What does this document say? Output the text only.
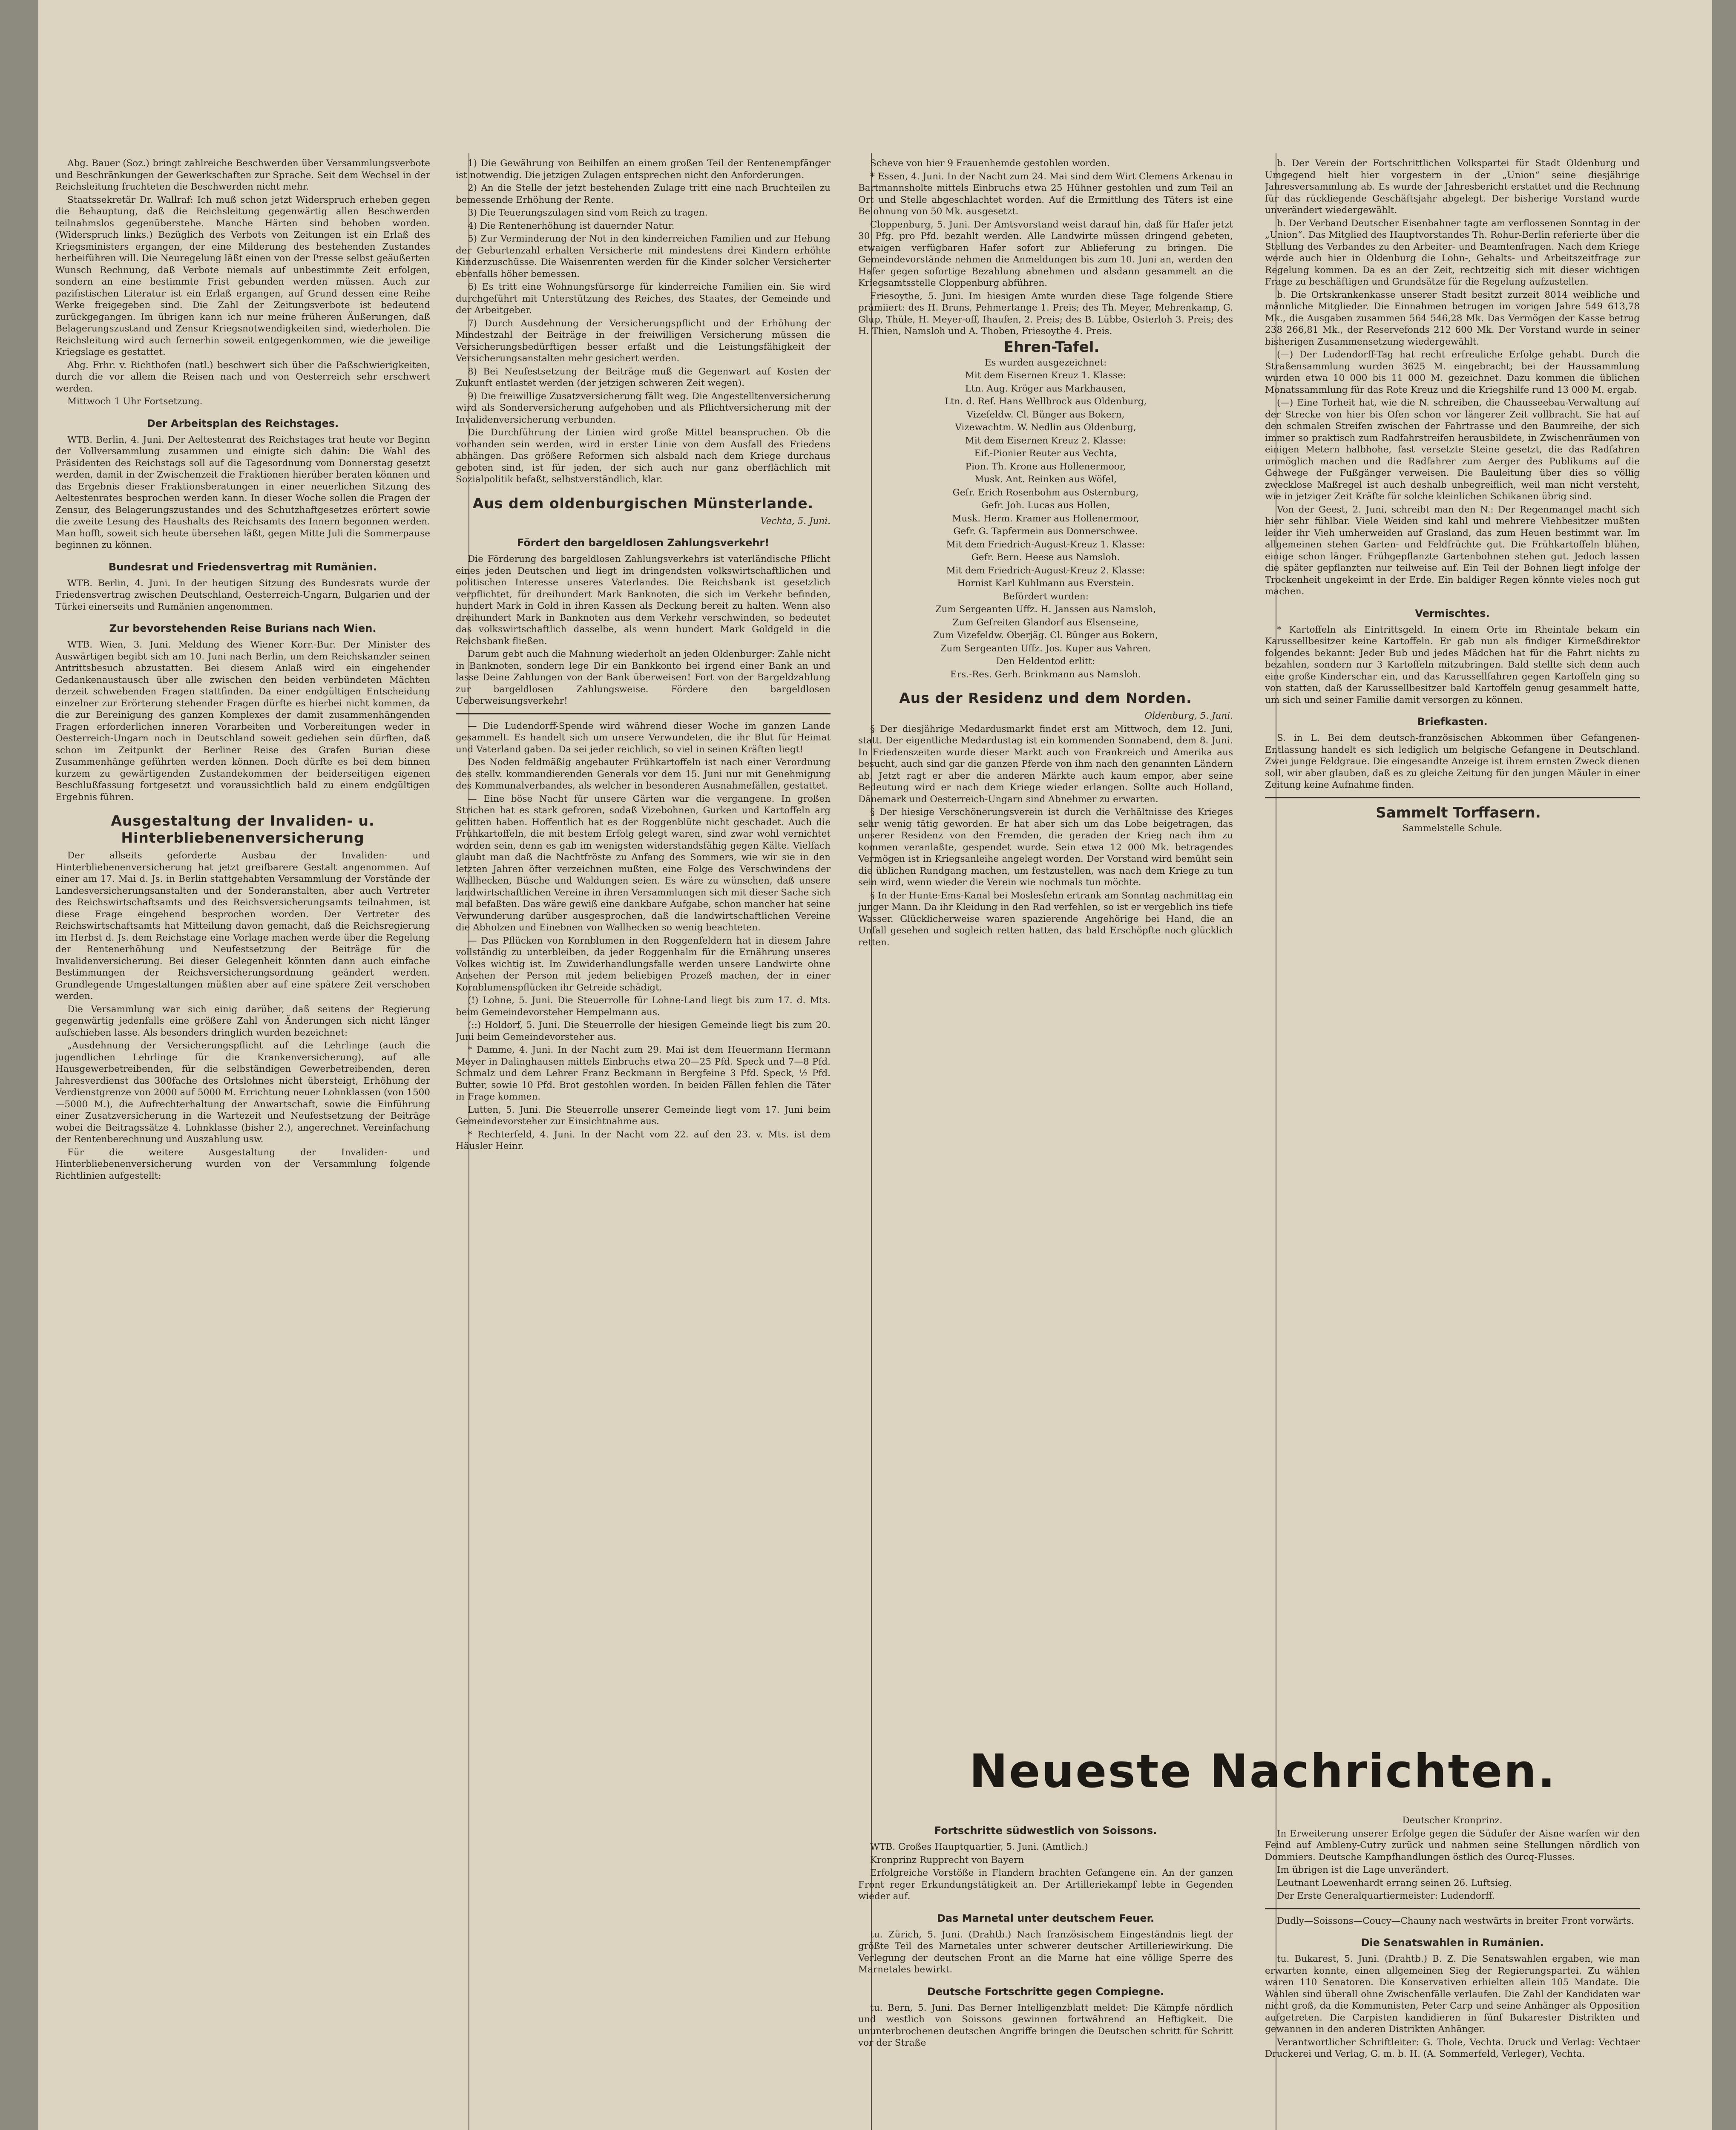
Abg. Bauer (Soz.) bringt zahlreiche Beschwerden über Versammlungsverbote und Beschränkungen der Gewerkschaften zur Sprache. Seit dem Wechsel in der Reichsleitung fruchteten die Beschwerden nicht mehr.

Staatssekretär Dr. Wallraf: Ich muß schon jetzt Widerspruch erheben gegen die Behauptung, daß die Reichsleitung gegenwärtig allen Beschwerden teilnahmslos gegenüberstehe. Manche Härten sind behoben worden. (Widerspruch links.) Bezüglich des Verbots von Zeitungen ist ein Erlaß des Kriegsministers ergangen, der eine Milderung des bestehenden Zustandes herbeiführen will. Die Neuregelung läßt einen von der Presse selbst geäußerten Wunsch Rechnung, daß Verbote niemals auf unbestimmte Zeit erfolgen, sondern an eine bestimmte Frist gebunden werden müssen. Auch zur pazifistischen Literatur ist ein Erlaß ergangen, auf Grund dessen eine Reihe Werke freigegeben sind. Die Zahl der Zeitungsverbote ist bedeutend zurückgegangen. Im übrigen kann ich nur meine früheren Äußerungen, daß Belagerungszustand und Zensur Kriegsnotwendigkeiten sind, wiederholen. Die Reichsleitung wird auch fernerhin soweit entgegenkommen, wie die jeweilige Kriegslage es gestattet.

Abg. Frhr. v. Richthofen (natl.) beschwert sich über die Paßschwierigkeiten, durch die vor allem die Reisen nach und von Oesterreich sehr erschwert werden.

Mittwoch 1 Uhr Fortsetzung.

Der Arbeitsplan des Reichstages.

WTB. Berlin, 4. Juni. Der Aeltestenrat des Reichstages trat heute vor Beginn der Vollversammlung zusammen und einigte sich dahin: Die Wahl des Präsidenten des Reichstags soll auf die Tagesordnung vom Donnerstag gesetzt werden, damit in der Zwischenzeit die Fraktionen hierüber beraten können und das Ergebnis dieser Fraktionsberatungen in einer neuerlichen Sitzung des Aeltestenrates besprochen werden kann. In dieser Woche sollen die Fragen der Zensur, des Belagerungszustandes und des Schutzhaftgesetzes erörtert sowie die zweite Lesung des Haushalts des Reichsamts des Innern begonnen werden. Man hofft, soweit sich heute übersehen läßt, gegen Mitte Juli die Sommerpause beginnen zu können.

Bundesrat und Friedensvertrag mit Rumänien.

WTB. Berlin, 4. Juni. In der heutigen Sitzung des Bundesrats wurde der Friedensvertrag zwischen Deutschland, Oesterreich-Ungarn, Bulgarien und der Türkei einerseits und Rumänien angenommen.

Zur bevorstehenden Reise Burians nach Wien.

WTB. Wien, 3. Juni. Meldung des Wiener Korr.-Bur. Der Minister des Auswärtigen begibt sich am 10. Juni nach Berlin, um dem Reichskanzler seinen Antrittsbesuch abzustatten. Bei diesem Anlaß wird ein eingehender Gedankenaustausch über alle zwischen den beiden verbündeten Mächten derzeit schwebenden Fragen stattfinden. Da einer endgültigen Entscheidung einzelner zur Erörterung stehender Fragen dürfte es hierbei nicht kommen, da die zur Bereinigung des ganzen Komplexes der damit zusammenhängenden Fragen erforderlichen inneren Vorarbeiten und Vorbereitungen weder in Oesterreich-Ungarn noch in Deutschland soweit gediehen sein dürften, daß schon im Zeitpunkt der Berliner Reise des Grafen Burian diese Zusammenhänge geführten werden können. Doch dürfte es bei dem binnen kurzem zu gewärtigenden Zustandekommen der beiderseitigen eigenen Beschlußfassung fortgesetzt und voraussichtlich bald zu einem endgültigen Ergebnis führen.

Ausgestaltung der Invaliden- u. Hinterbliebenenversicherung

Der allseits geforderte Ausbau der Invaliden- und Hinterbliebenenversicherung hat jetzt greifbarere Gestalt angenommen. Auf einer am 17. Mai d. Js. in Berlin stattgehabten Versammlung der Vorstände der Landesversicherungsanstalten und der Sonderanstalten, aber auch Vertreter des Reichswirtschaftsamts und des Reichsversicherungsamts teilnahmen, ist diese Frage eingehend besprochen worden. Der Vertreter des Reichswirtschaftsamts hat Mitteilung davon gemacht, daß die Reichsregierung im Herbst d. Js. dem Reichstage eine Vorlage machen werde über die Regelung der Rentenerhöhung und Neufestsetzung der Beiträge für die Invalidenversicherung. Bei dieser Gelegenheit könnten dann auch einfache Bestimmungen der Reichsversicherungsordnung geändert werden. Grundlegende Umgestaltungen müßten aber auf eine spätere Zeit verschoben werden.

Die Versammlung war sich einig darüber, daß seitens der Regierung gegenwärtig jedenfalls eine größere Zahl von Änderungen sich nicht länger aufschieben lasse. Als besonders dringlich wurden bezeichnet:

„Ausdehnung der Versicherungspflicht auf die Lehrlinge (auch die jugendlichen Lehrlinge für die Krankenversicherung), auf alle Hausgewerbetreibenden, für die selbständigen Gewerbetreibenden, deren Jahresverdienst das 300fache des Ortslohnes nicht übersteigt, Erhöhung der Verdienstgrenze von 2000 auf 5000 M. Errichtung neuer Lohnklassen (von 1500—5000 M.), die Aufrechterhaltung der Anwartschaft, sowie die Einführung einer Zusatzversicherung in die Wartezeit und Neufestsetzung der Beiträge wobei die Beitragssätze 4. Lohnklasse (bisher 2.), angerechnet. Vereinfachung der Rentenberechnung und Auszahlung usw.

Für die weitere Ausgestaltung der Invaliden- und Hinterbliebenenversicherung wurden von der Versammlung folgende Richtlinien aufgestellt:

1) Die Gewährung von Beihilfen an einem großen Teil der Rentenempfänger ist notwendig. Die jetzigen Zulagen entsprechen nicht den Anforderungen.

2) An die Stelle der jetzt bestehenden Zulage tritt eine nach Bruchteilen zu bemessende Erhöhung der Rente.

3) Die Teuerungszulagen sind vom Reich zu tragen.

4) Die Rentenerhöhung ist dauernder Natur.

5) Zur Verminderung der Not in den kinderreichen Familien und zur Hebung der Geburtenzahl erhalten Versicherte mit mindestens drei Kindern erhöhte Kinderzuschüsse. Die Waisenrenten werden für die Kinder solcher Versicherter ebenfalls höher bemessen.

6) Es tritt eine Wohnungsfürsorge für kinderreiche Familien ein. Sie wird durchgeführt mit Unterstützung des Reiches, des Staates, der Gemeinde und der Arbeitgeber.

7) Durch Ausdehnung der Versicherungspflicht und der Erhöhung der Mindestzahl der Beiträge in der freiwilligen Versicherung müssen die Versicherungsbedürftigen besser erfaßt und die Leistungsfähigkeit der Versicherungsanstalten mehr gesichert werden.

8) Bei Neufestsetzung der Beiträge muß die Gegenwart auf Kosten der Zukunft entlastet werden (der jetzigen schweren Zeit wegen).

9) Die freiwillige Zusatzversicherung fällt weg. Die Angestelltenversicherung wird als Sonderversicherung aufgehoben und als Pflichtversicherung mit der Invalidenversicherung verbunden.

Die Durchführung der Linien wird große Mittel beanspruchen. Ob die vorhanden sein werden, wird in erster Linie von dem Ausfall des Friedens abhängen. Das größere Reformen sich alsbald nach dem Kriege durchaus geboten sind, ist für jeden, der sich auch nur ganz oberflächlich mit Sozialpolitik befaßt, selbstverständlich, klar.

Aus dem oldenburgischen Münsterlande.

Vechta, 5. Juni.

Fördert den bargeldlosen Zahlungsverkehr!

Die Förderung des bargeldlosen Zahlungsverkehrs ist vaterländische Pflicht eines jeden Deutschen und liegt im dringendsten volkswirtschaftlichen und politischen Interesse unseres Vaterlandes. Die Reichsbank ist gesetzlich verpflichtet, für dreihundert Mark Banknoten, die sich im Verkehr befinden, hundert Mark in Gold in ihren Kassen als Deckung bereit zu halten. Wenn also dreihundert Mark in Banknoten aus dem Verkehr verschwinden, so bedeutet das volkswirtschaftlich dasselbe, als wenn hundert Mark Goldgeld in die Reichsbank fließen.

Darum gebt auch die Mahnung wiederholt an jeden Oldenburger: Zahle nicht in Banknoten, sondern lege Dir ein Bankkonto bei irgend einer Bank an und lasse Deine Zahlungen von der Bank überweisen! Fort von der Bargeldzahlung zur bargeldlosen Zahlungsweise. Fördere den bargeldlosen Ueberweisungsverkehr!

— Die Ludendorff-Spende wird während dieser Woche im ganzen Lande gesammelt. Es handelt sich um unsere Verwundeten, die ihr Blut für Heimat und Vaterland gaben. Da sei jeder reichlich, so viel in seinen Kräften liegt!

Des Noden feldmäßig angebauter Frühkartoffeln ist nach einer Verordnung des stellv. kommandierenden Generals vor dem 15. Juni nur mit Genehmigung des Kommunalverbandes, als welcher in besonderen Ausnahmefällen, gestattet.

— Eine böse Nacht für unsere Gärten war die vergangene. In großen Strichen hat es stark gefroren, sodaß Vizebohnen, Gurken und Kartoffeln arg gelitten haben. Hoffentlich hat es der Roggenblüte nicht geschadet. Auch die Frühkartoffeln, die mit bestem Erfolg gelegt waren, sind zwar wohl vernichtet worden sein, denn es gab im wenigsten widerstandsfähig gegen Kälte. Vielfach glaubt man daß die Nachtfröste zu Anfang des Sommers, wie wir sie in den letzten Jahren öfter verzeichnen mußten, eine Folge des Verschwindens der Wallhecken, Büsche und Waldungen seien. Es wäre zu wünschen, daß unsere landwirtschaftlichen Vereine in ihren Versammlungen sich mit dieser Sache sich mal befaßten. Das wäre gewiß eine dankbare Aufgabe, schon mancher hat seine Verwunderung darüber ausgesprochen, daß die landwirtschaftlichen Vereine die Abholzen und Einebnen von Wallhecken so wenig beachteten.

— Das Pflücken von Kornblumen in den Roggenfeldern hat in diesem Jahre vollständig zu unterbleiben, da jeder Roggenhalm für die Ernährung unseres Volkes wichtig ist. Im Zuwiderhandlungsfalle werden unsere Landwirte ohne Ansehen der Person mit jedem beliebigen Prozeß machen, der in einer Kornblumenspflücken ihr Getreide schädigt.

(!) Lohne, 5. Juni. Die Steuerrolle für Lohne-Land liegt bis zum 17. d. Mts. beim Gemeindevorsteher Hempelmann aus.

(::) Holdorf, 5. Juni. Die Steuerrolle der hiesigen Gemeinde liegt bis zum 20. Juni beim Gemeindevorsteher aus.

* Damme, 4. Juni. In der Nacht zum 29. Mai ist dem Heuermann Hermann Meyer in Dalinghausen mittels Einbruchs etwa 20—25 Pfd. Speck und 7—8 Pfd. Schmalz und dem Lehrer Franz Beckmann in Bergfeine 3 Pfd. Speck, ½ Pfd. Butter, sowie 10 Pfd. Brot gestohlen worden. In beiden Fällen fehlen die Täter in Frage kommen.

Lutten, 5. Juni. Die Steuerrolle unserer Gemeinde liegt vom 17. Juni beim Gemeindevorsteher zur Einsichtnahme aus.

* Rechterfeld, 4. Juni. In der Nacht vom 22. auf den 23. v. Mts. ist dem Häusler Heinr.

Scheve von hier 9 Frauenhemde gestohlen worden.

* Essen, 4. Juni. In der Nacht zum 24. Mai sind dem Wirt Clemens Arkenau in Bartmannsholte mittels Einbruchs etwa 25 Hühner gestohlen und zum Teil an Ort und Stelle abgeschlachtet worden. Auf die Ermittlung des Täters ist eine Belohnung von 50 Mk. ausgesetzt.

Cloppenburg, 5. Juni. Der Amtsvorstand weist darauf hin, daß für Hafer jetzt 30 Pfg. pro Pfd. bezahlt werden. Alle Landwirte müssen dringend gebeten, etwaigen verfügbaren Hafer sofort zur Ablieferung zu bringen. Die Gemeindevorstände nehmen die Anmeldungen bis zum 10. Juni an, werden den Hafer gegen sofortige Bezahlung abnehmen und alsdann gesammelt an die Kriegsamtsstelle Cloppenburg abführen.

Friesoythe, 5. Juni. Im hiesigen Amte wurden diese Tage folgende Stiere prämiiert: des H. Bruns, Pehmertange 1. Preis; des Th. Meyer, Mehrenkamp, G. Glup, Thüle, H. Meyer-off, Ihaufen, 2. Preis; des B. Lübbe, Osterloh 3. Preis; des H. Thien, Namsloh und A. Thoben, Friesoythe 4. Preis.

Ehren-Tafel.

Es wurden ausgezeichnet:

Mit dem Eisernen Kreuz 1. Klasse:

Ltn. Aug. Kröger aus Markhausen,

Ltn. d. Ref. Hans Wellbrock aus Oldenburg,

Vizefeldw. Cl. Bünger aus Bokern,

Vizewachtm. W. Nedlin aus Oldenburg,

Mit dem Eisernen Kreuz 2. Klasse:

Eif.-Pionier Reuter aus Vechta,

Pion. Th. Krone aus Hollenermoor,

Musk. Ant. Reinken aus Wöfel,

Gefr. Erich Rosenbohm aus Osternburg,

Gefr. Joh. Lucas aus Hollen,

Musk. Herm. Kramer aus Hollenermoor,

Gefr. G. Tapfermein aus Donnerschwee.

Mit dem Friedrich-August-Kreuz 1. Klasse:

Gefr. Bern. Heese aus Namsloh.

Mit dem Friedrich-August-Kreuz 2. Klasse:

Hornist Karl Kuhlmann aus Everstein.

Befördert wurden:

Zum Sergeanten Uffz. H. Janssen aus Namsloh,

Zum Gefreiten Glandorf aus Elsenseine,

Zum Vizefeldw. Oberjäg. Cl. Bünger aus Bokern,

Zum Sergeanten Uffz. Jos. Kuper aus Vahren.

Den Heldentod erlitt:

Ers.-Res. Gerh. Brinkmann aus Namsloh.

Aus der Residenz und dem Norden.

Oldenburg, 5. Juni.

§ Der diesjährige Medardusmarkt findet erst am Mittwoch, dem 12. Juni, statt. Der eigentliche Medardustag ist ein kommenden Sonnabend, dem 8. Juni. In Friedenszeiten wurde dieser Markt auch von Frankreich und Amerika aus besucht, auch sind gar die ganzen Pferde von ihm nach den genannten Ländern ab. Jetzt ragt er aber die anderen Märkte auch kaum empor, aber seine Bedeutung wird er nach dem Kriege wieder erlangen. Sollte auch Holland, Dänemark und Oesterreich-Ungarn sind Abnehmer zu erwarten.

§ Der hiesige Verschönerungsverein ist durch die Verhältnisse des Krieges sehr wenig tätig geworden. Er hat aber sich um das Lobe beigetragen, das unserer Residenz von den Fremden, die geraden der Krieg nach ihm zu kommen veranlaßte, gespendet wurde. Sein etwa 12 000 Mk. betragendes Vermögen ist in Kriegsanleihe angelegt worden. Der Vorstand wird bemüht sein die üblichen Rundgang machen, um festzustellen, was nach dem Kriege zu tun sein wird, wenn wieder die Verein wie nochmals tun möchte.

§ In der Hunte-Ems-Kanal bei Moslesfehn ertrank am Sonntag nachmittag ein junger Mann. Da ihr Kleidung in den Rad verfehlen, so ist er vergeblich ins tiefe Wasser. Glücklicherweise waren spazierende Angehörige bei Hand, die an Unfall gesehen und sogleich retten hatten, das bald Erschöpfte noch glücklich retten.

b. Der Verein der Fortschrittlichen Volkspartei für Stadt Oldenburg und Umgegend hielt hier vorgestern in der „Union“ seine diesjährige Jahresversammlung ab. Es wurde der Jahresbericht erstattet und die Rechnung für das rückliegende Geschäftsjahr abgelegt. Der bisherige Vorstand wurde unverändert wiedergewählt.

b. Der Verband Deutscher Eisenbahner tagte am verflossenen Sonntag in der „Union“. Das Mitglied des Hauptvorstandes Th. Rohur-Berlin referierte über die Stellung des Verbandes zu den Arbeiter- und Beamtenfragen. Nach dem Kriege werde auch hier in Oldenburg die Lohn-, Gehalts- und Arbeitszeitfrage zur Regelung kommen. Da es an der Zeit, rechtzeitig sich mit dieser wichtigen Frage zu beschäftigen und Grundsätze für die Regelung aufzustellen.

b. Die Ortskrankenkasse unserer Stadt besitzt zurzeit 8014 weibliche und männliche Mitglieder. Die Einnahmen betrugen im vorigen Jahre 549 613,78 Mk., die Ausgaben zusammen 564 546,28 Mk. Das Vermögen der Kasse betrug 238 266,81 Mk., der Reservefonds 212 600 Mk. Der Vorstand wurde in seiner bisherigen Zusammensetzung wiedergewählt.

(—) Der Ludendorff-Tag hat recht erfreuliche Erfolge gehabt. Durch die Straßensammlung wurden 3625 M. eingebracht; bei der Haussammlung wurden etwa 10 000 bis 11 000 M. gezeichnet. Dazu kommen die üblichen Monatssammlung für das Rote Kreuz und die Kriegshilfe rund 13 000 M. ergab.

(—) Eine Torheit hat, wie die N. schreiben, die Chausseebau-Verwaltung auf der Strecke von hier bis Ofen schon vor längerer Zeit vollbracht. Sie hat auf den schmalen Streifen zwischen der Fahrtrasse und den Baumreihe, der sich immer so praktisch zum Radfahrstreifen herausbildete, in Zwischenräumen von einigen Metern halbhohe, fast versetzte Steine gesetzt, die das Radfahren unmöglich machen und die Radfahrer zum Aerger des Publikums auf die Gehwege der Fußgänger verweisen. Die Bauleitung über dies so völlig zwecklose Maßregel ist auch deshalb unbegreiflich, weil man nicht versteht, wie in jetziger Zeit Kräfte für solche kleinlichen Schikanen übrig sind.

Von der Geest, 2. Juni, schreibt man den N.: Der Regenmangel macht sich hier sehr fühlbar. Viele Weiden sind kahl und mehrere Viehbesitzer mußten leider ihr Vieh umherweiden auf Grasland, das zum Heuen bestimmt war. Im allgemeinen stehen Garten- und Feldfrüchte gut. Die Frühkartoffeln blühen, einige schon länger. Frühgepflanzte Gartenbohnen stehen gut. Jedoch lassen die später gepflanzten nur teilweise auf. Ein Teil der Bohnen liegt infolge der Trockenheit ungekeimt in der Erde. Ein baldiger Regen könnte vieles noch gut machen.

Vermischtes.

* Kartoffeln als Eintrittsgeld. In einem Orte im Rheintale bekam ein Karussellbesitzer keine Kartoffeln. Er gab nun als findiger Kirmeßdirektor folgendes bekannt: Jeder Bub und jedes Mädchen hat für die Fahrt nichts zu bezahlen, sondern nur 3 Kartoffeln mitzubringen. Bald stellte sich denn auch eine große Kinderschar ein, und das Karussellfahren gegen Kartoffeln ging so von statten, daß der Karussellbesitzer bald Kartoffeln genug gesammelt hatte, um sich und seiner Familie damit versorgen zu können.

Briefkasten.

S. in L. Bei dem deutsch-französischen Abkommen über Gefangenen-Entlassung handelt es sich lediglich um belgische Gefangene in Deutschland. Zwei junge Feldgraue. Die eingesandte Anzeige ist ihrem ernsten Zweck dienen soll, wir aber glauben, daß es zu gleiche Zeitung für den jungen Mäuler in einer Zeitung keine Aufnahme finden.

Sammelt Torffasern.

Sammelstelle Schule.

Neueste Nachrichten.
Fortschritte südwestlich von Soissons.

WTB. Großes Hauptquartier, 5. Juni. (Amtlich.)

Kronprinz Rupprecht von Bayern

Erfolgreiche Vorstöße in Flandern brachten Gefangene ein. An der ganzen Front reger Erkundungstätigkeit an. Der Artilleriekampf lebte in Gegenden wieder auf.

Das Marnetal unter deutschem Feuer.

tu. Zürich, 5. Juni. (Drahtb.) Nach französischem Eingeständnis liegt der größte Teil des Marnetales unter schwerer deutscher Artilleriewirkung. Die Verlegung der deutschen Front an die Marne hat eine völlige Sperre des Marnetales bewirkt.

Deutsche Fortschritte gegen Compiegne.

tu. Bern, 5. Juni. Das Berner Intelligenzblatt meldet: Die Kämpfe nördlich und westlich von Soissons gewinnen fortwährend an Heftigkeit. Die ununterbrochenen deutschen Angriffe bringen die Deutschen schritt für Schritt vor der Straße

Deutscher Kronprinz.

In Erweiterung unserer Erfolge gegen die Südufer der Aisne warfen wir den Feind auf Ambleny-Cutry zurück und nahmen seine Stellungen nördlich von Dommiers. Deutsche Kampfhandlungen östlich des Ourcq-Flusses.

Im übrigen ist die Lage unverändert.

Leutnant Loewenhardt errang seinen 26. Luftsieg.

Der Erste Generalquartiermeister: Ludendorff.

Dudly—Soissons—Coucy—Chauny nach westwärts in breiter Front vorwärts.

Die Senatswahlen in Rumänien.

tu. Bukarest, 5. Juni. (Drahtb.) B. Z. Die Senatswahlen ergaben, wie man erwarten konnte, einen allgemeinen Sieg der Regierungspartei. Zu wählen waren 110 Senatoren. Die Konservativen erhielten allein 105 Mandate. Die Wahlen sind überall ohne Zwischenfälle verlaufen. Die Zahl der Kandidaten war nicht groß, da die Kommunisten, Peter Carp und seine Anhänger als Opposition aufgetreten. Die Carpisten kandidieren in fünf Bukarester Distrikten und gewannen in den anderen Distrikten Anhänger.

Verantwortlicher Schriftleiter: G. Thole, Vechta. Druck und Verlag: Vechtaer Druckerei und Verlag, G. m. b. H. (A. Sommerfeld, Verleger), Vechta.
